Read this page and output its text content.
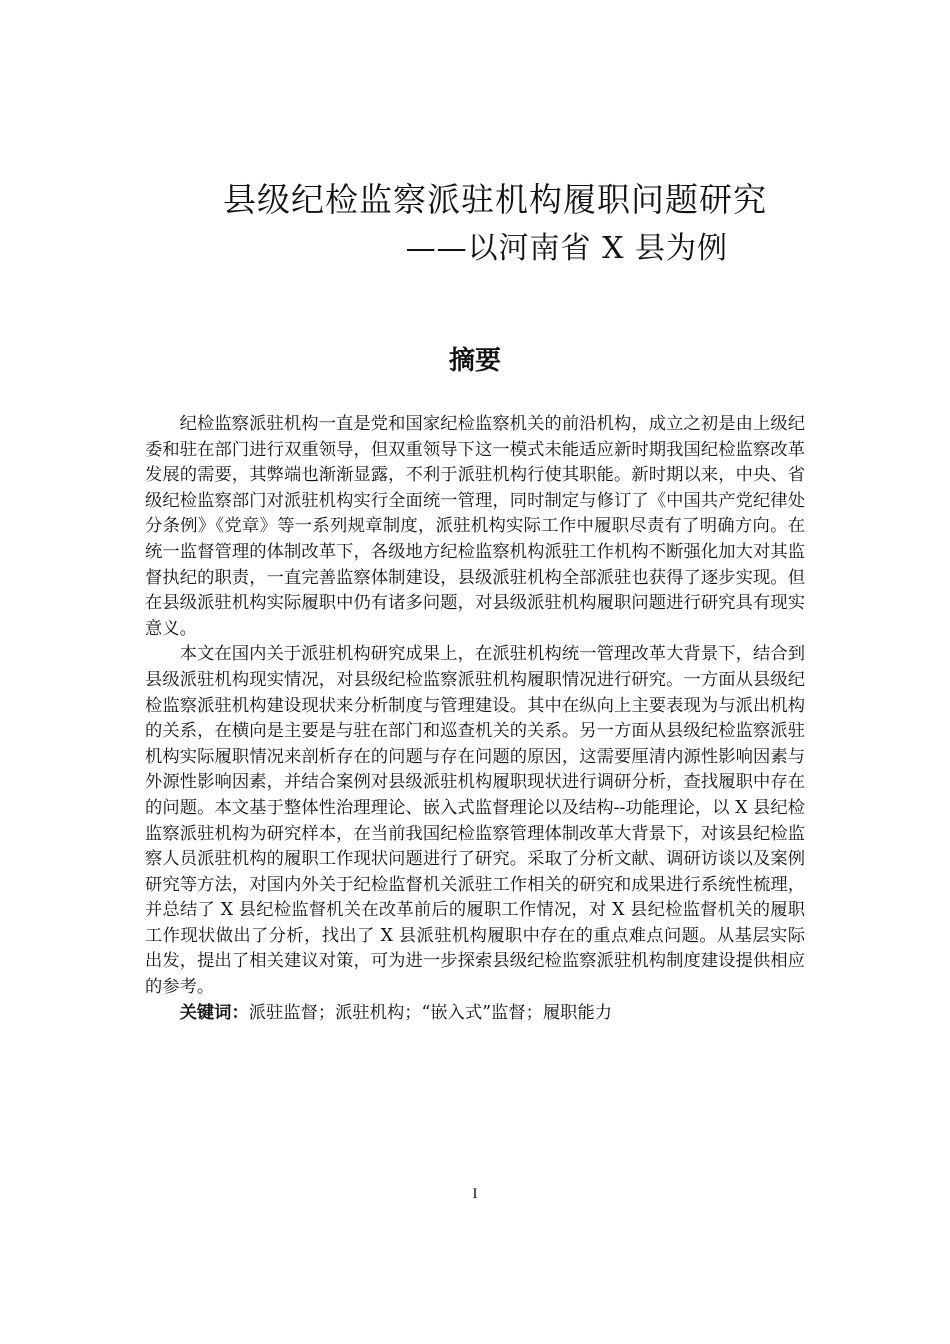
县级纪检监察派驻机构履职问题研究
——以河南省 X 县为例
摘要

纪检监察派驻机构一直是党和国家纪检监察机关的前沿机构，成立之初是由上级纪委和驻在部门进行双重领导，但双重领导下这一模式未能适应新时期我国纪检监察改革发展的需要，其弊端也渐渐显露，不利于派驻机构行使其职能。新时期以来，中央、省级纪检监察部门对派驻机构实行全面统一管理，同时制定与修订了《中国共产党纪律处分条例》《党章》等一系列规章制度，派驻机构实际工作中履职尽责有了明确方向。在统一监督管理的体制改革下，各级地方纪检监察机构派驻工作机构不断强化加大对其监督执纪的职责，一直完善监察体制建设，县级派驻机构全部派驻也获得了逐步实现。但在县级派驻机构实际履职中仍有诸多问题，对县级派驻机构履职问题进行研究具有现实意义。

本文在国内关于派驻机构研究成果上，在派驻机构统一管理改革大背景下，结合到县级派驻机构现实情况，对县级纪检监察派驻机构履职情况进行研究。一方面从县级纪检监察派驻机构建设现状来分析制度与管理建设。其中在纵向上主要表现为与派出机构的关系，在横向是主要是与驻在部门和巡查机关的关系。另一方面从县级纪检监察派驻机构实际履职情况来剖析存在的问题与存在问题的原因，这需要厘清内源性影响因素与外源性影响因素，并结合案例对县级派驻机构履职现状进行调研分析，查找履职中存在的问题。本文基于整体性治理理论、嵌入式监督理论以及结构--功能理论，以 X 县纪检监察派驻机构为研究样本，在当前我国纪检监察管理体制改革大背景下，对该县纪检监察人员派驻机构的履职工作现状问题进行了研究。采取了分析文献、调研访谈以及案例研究等方法，对国内外关于纪检监督机关派驻工作相关的研究和成果进行系统性梳理，并总结了 X 县纪检监督机关在改革前后的履职工作情况，对 X 县纪检监督机关的履职工作现状做出了分析，找出了 X 县派驻机构履职中存在的重点难点问题。从基层实际出发，提出了相关建议对策，可为进一步探索县级纪检监察派驻机构制度建设提供相应的参考。

关键词：派驻监督；派驻机构；“嵌入式”监督；履职能力

I
